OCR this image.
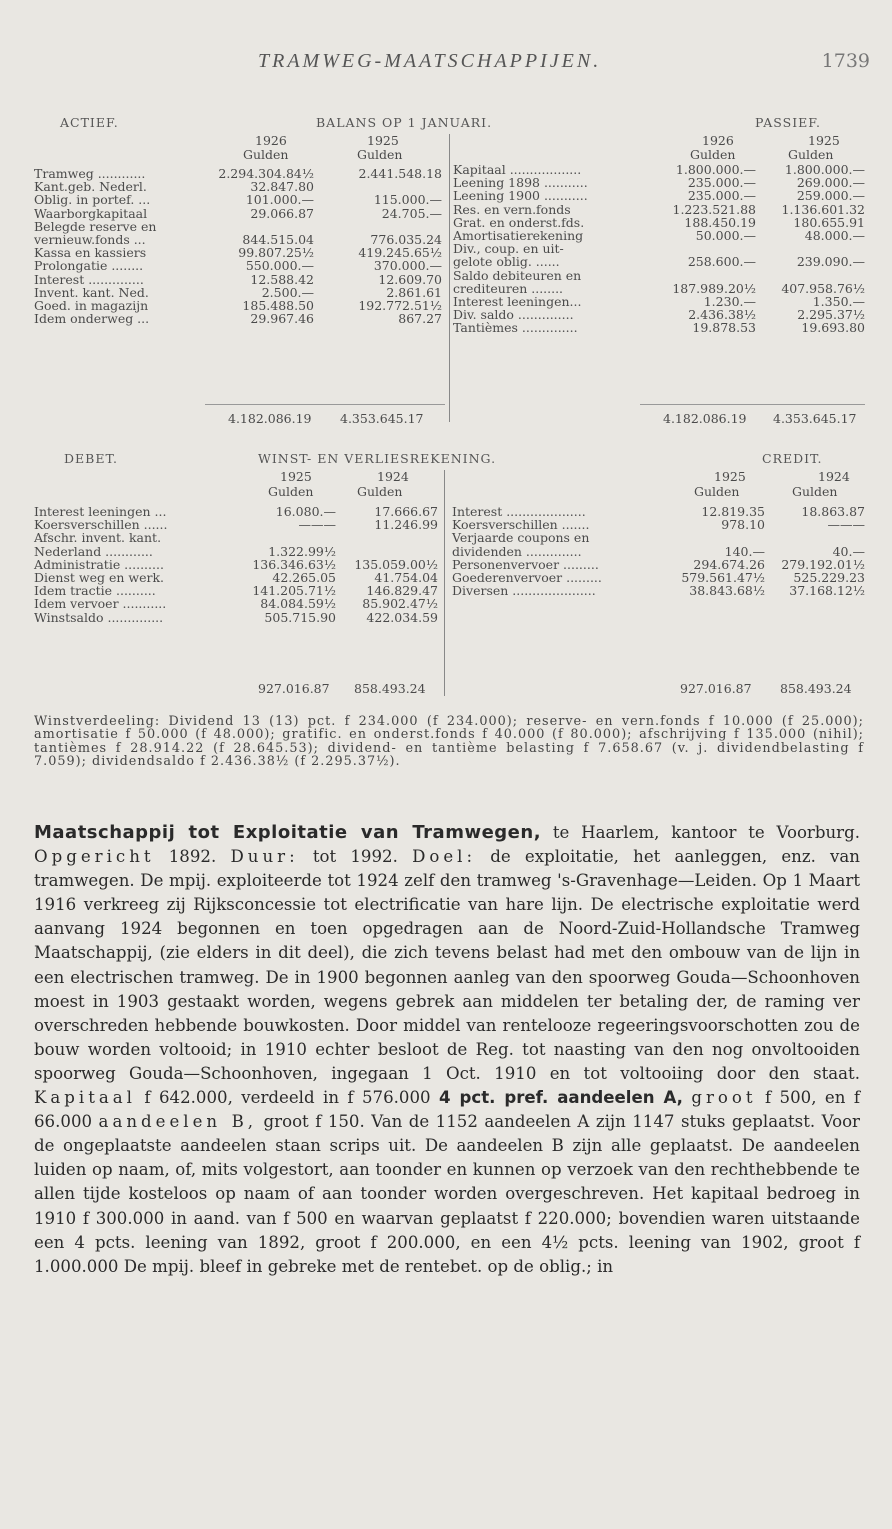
TRAMWEG-MAATSCHAPPIJEN.	1739
ACTIEF.	BALANS OP 1 JANUARI.	PASSIEF.
1926	1925
Gulden	Gulden
1926	1925
Gulden	Gulden
Tramweg ............	2.294.304.84½	2.441.548.18
Kant.geb. Nederl.	32.847.80	
Oblig. in portef. ...	101.000.—	115.000.—
Waarborgkapitaal	29.066.87	24.705.—
Belegde reserve en		
vernieuw.fonds ...	844.515.04	776.035.24
Kassa en kassiers	99.807.25½	419.245.65½
Prolongatie ........	550.000.—	370.000.—
Interest ..............	12.588.42	12.609.70
Invent. kant. Ned.	2.500.—	2.861.61
Goed. in magazijn	185.488.50	192.772.51½
Idem onderweg ...	29.967.46	867.27
Kapitaal ..................	1.800.000.—	1.800.000.—
Leening 1898 ...........	235.000.—	269.000.—
Leening 1900 ...........	235.000.—	259.000.—
Res. en vern.fonds	1.223.521.88	1.136.601.32
Grat. en onderst.fds.	188.450.19	180.655.91
Amortisatierekening	50.000.—	48.000.—
Div., coup. en uit-		
gelote oblig. ......	258.600.—	239.090.—
Saldo debiteuren en		
crediteuren ........	187.989.20½	407.958.76½
Interest leeningen...	1.230.—	1.350.—
Div. saldo ..............	2.436.38½	2.295.37½
Tantièmes ..............	19.878.53	19.693.80
4.182.086.19 4.353.645.17	4.182.086.19 4.353.645.17
DEBET.	WINST- EN VERLIESREKENING.	CREDIT.
1925	1924
Gulden	Gulden
1925	1924
Gulden	Gulden
Interest leeningen ...	16.080.—	17.666.67
Koersverschillen ......	———	11.246.99
Afschr. invent. kant.		
Nederland ............	1.322.99½	
Administratie ..........	136.346.63½	135.059.00½
Dienst weg en werk.	42.265.05	41.754.04
Idem tractie ..........	141.205.71½	146.829.47
Idem vervoer ...........	84.084.59½	85.902.47½
Winstsaldo ..............	505.715.90	422.034.59
Interest ....................	12.819.35	18.863.87
Koersverschillen .......	978.10	———
Verjaarde coupons en		
dividenden ..............	140.—	40.—
Personenvervoer .........	294.674.26	279.192.01½
Goederenvervoer .........	579.561.47½	525.229.23
Diversen .....................	38.843.68½	37.168.12½
927.016.87 858.493.24	927.016.87 858.493.24
Winstverdeeling: Dividend 13 (13) pct. f 234.000 (f 234.000); reserve- en vern.fonds f 10.000 (f 25.000); amortisatie f 50.000 (f 48.000); gratific. en onderst.fonds f 40.000 (f 80.000); afschrijving f 135.000 (nihil); tantièmes f 28.914.22 (f 28.645.53); dividend- en tantième belasting f 7.658.67 (v. j. dividendbelasting f 7.059); dividendsaldo f 2.436.38½ (f 2.295.37½).
Maatschappij tot Exploitatie van Tramwegen, te Haarlem, kantoor te Voorburg. Opgericht 1892. Duur: tot 1992. Doel: de exploitatie, het aanleggen, enz. van tramwegen. De mpij. exploiteerde tot 1924 zelf den tramweg 's-Gravenhage—Leiden. Op 1 Maart 1916 verkreeg zij Rijksconcessie tot electrificatie van hare lijn. De electrische exploitatie werd aanvang 1924 begonnen en toen opgedragen aan de Noord-Zuid-Hollandsche Tramweg Maatschappij, (zie elders in dit deel), die zich tevens belast had met den ombouw van de lijn in een electrischen tramweg. De in 1900 begonnen aanleg van den spoorweg Gouda—Schoonhoven moest in 1903 gestaakt worden, wegens gebrek aan middelen ter betaling der, de raming ver overschreden hebbende bouwkosten. Door middel van rentelooze regeeringsvoorschotten zou de bouw worden voltooid; in 1910 echter besloot de Reg. tot naasting van den nog onvoltooiden spoorweg Gouda—Schoonhoven, ingegaan 1 Oct. 1910 en tot voltooiing door den staat. Kapitaal f 642.000, verdeeld in f 576.000 4 pct. pref. aandeelen A, groot f 500, en f 66.000 aandeelen B, groot f 150. Van de 1152 aandeelen A zijn 1147 stuks geplaatst. Voor de ongeplaatste aandeelen staan scrips uit. De aandeelen B zijn alle geplaatst. De aandeelen luiden op naam, of, mits volgestort, aan toonder en kunnen op verzoek van den rechthebbende te allen tijde kosteloos op naam of aan toonder worden overgeschreven. Het kapitaal bedroeg in 1910 f 300.000 in aand. van f 500 en waarvan geplaatst f 220.000; bovendien waren uitstaande een 4 pcts. leening van 1892, groot f 200.000, en een 4½ pcts. leening van 1902, groot f 1.000.000 De mpij. bleef in gebreke met de rentebet. op de oblig.; in
